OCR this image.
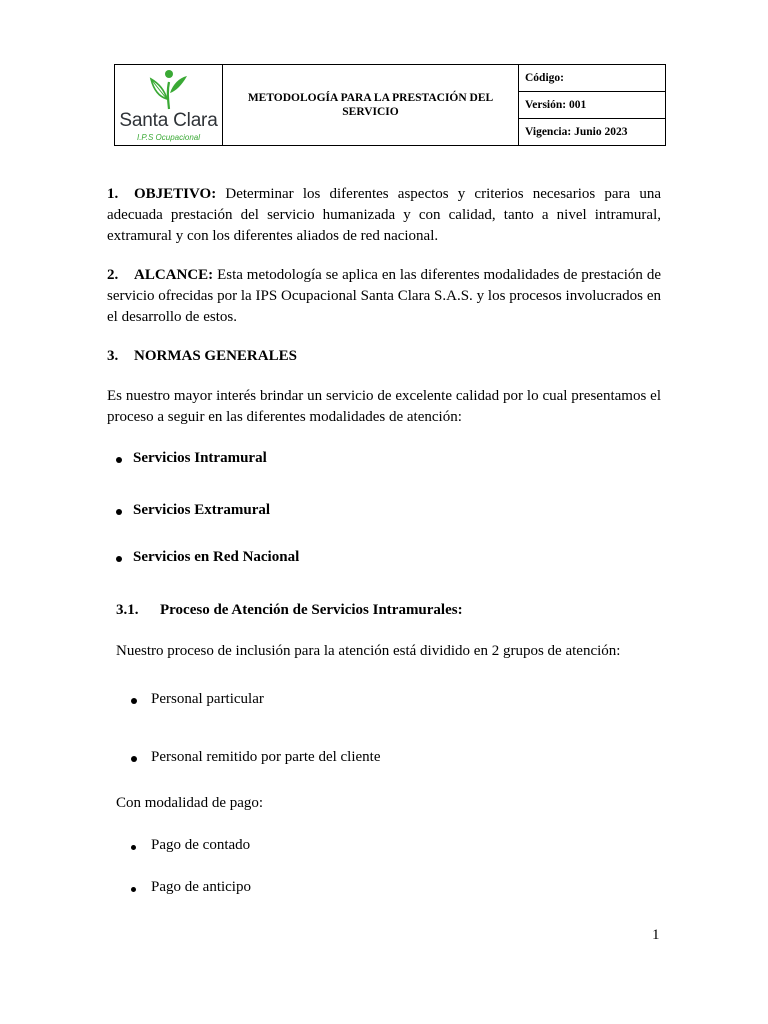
Santa Clara
I.P.S Ocupacional
METODOLOGÍA PARA LA PRESTACIÓN DEL SERVICIO
Código:
Versión: 001
Vigencia: Junio 2023

1. OBJETIVO: Determinar los diferentes aspectos y criterios necesarios para una adecuada prestación del servicio humanizada y con calidad, tanto a nivel intramural, extramural y con los diferentes aliados de red nacional.

2. ALCANCE: Esta metodología se aplica en las diferentes modalidades de prestación de servicio ofrecidas por la IPS Ocupacional Santa Clara S.A.S. y los procesos involucrados en el desarrollo de estos.

3. NORMAS GENERALES

Es nuestro mayor interés brindar un servicio de excelente calidad por lo cual presentamos el proceso a seguir en las diferentes modalidades de atención:

Servicios Intramural
Servicios Extramural
Servicios en Red Nacional
3.1. Proceso de Atención de Servicios Intramurales:
Nuestro proceso de inclusión para la atención está dividido en 2 grupos de atención:
Personal particular
Personal remitido por parte del cliente
Con modalidad de pago:
Pago de contado
Pago de anticipo
1
